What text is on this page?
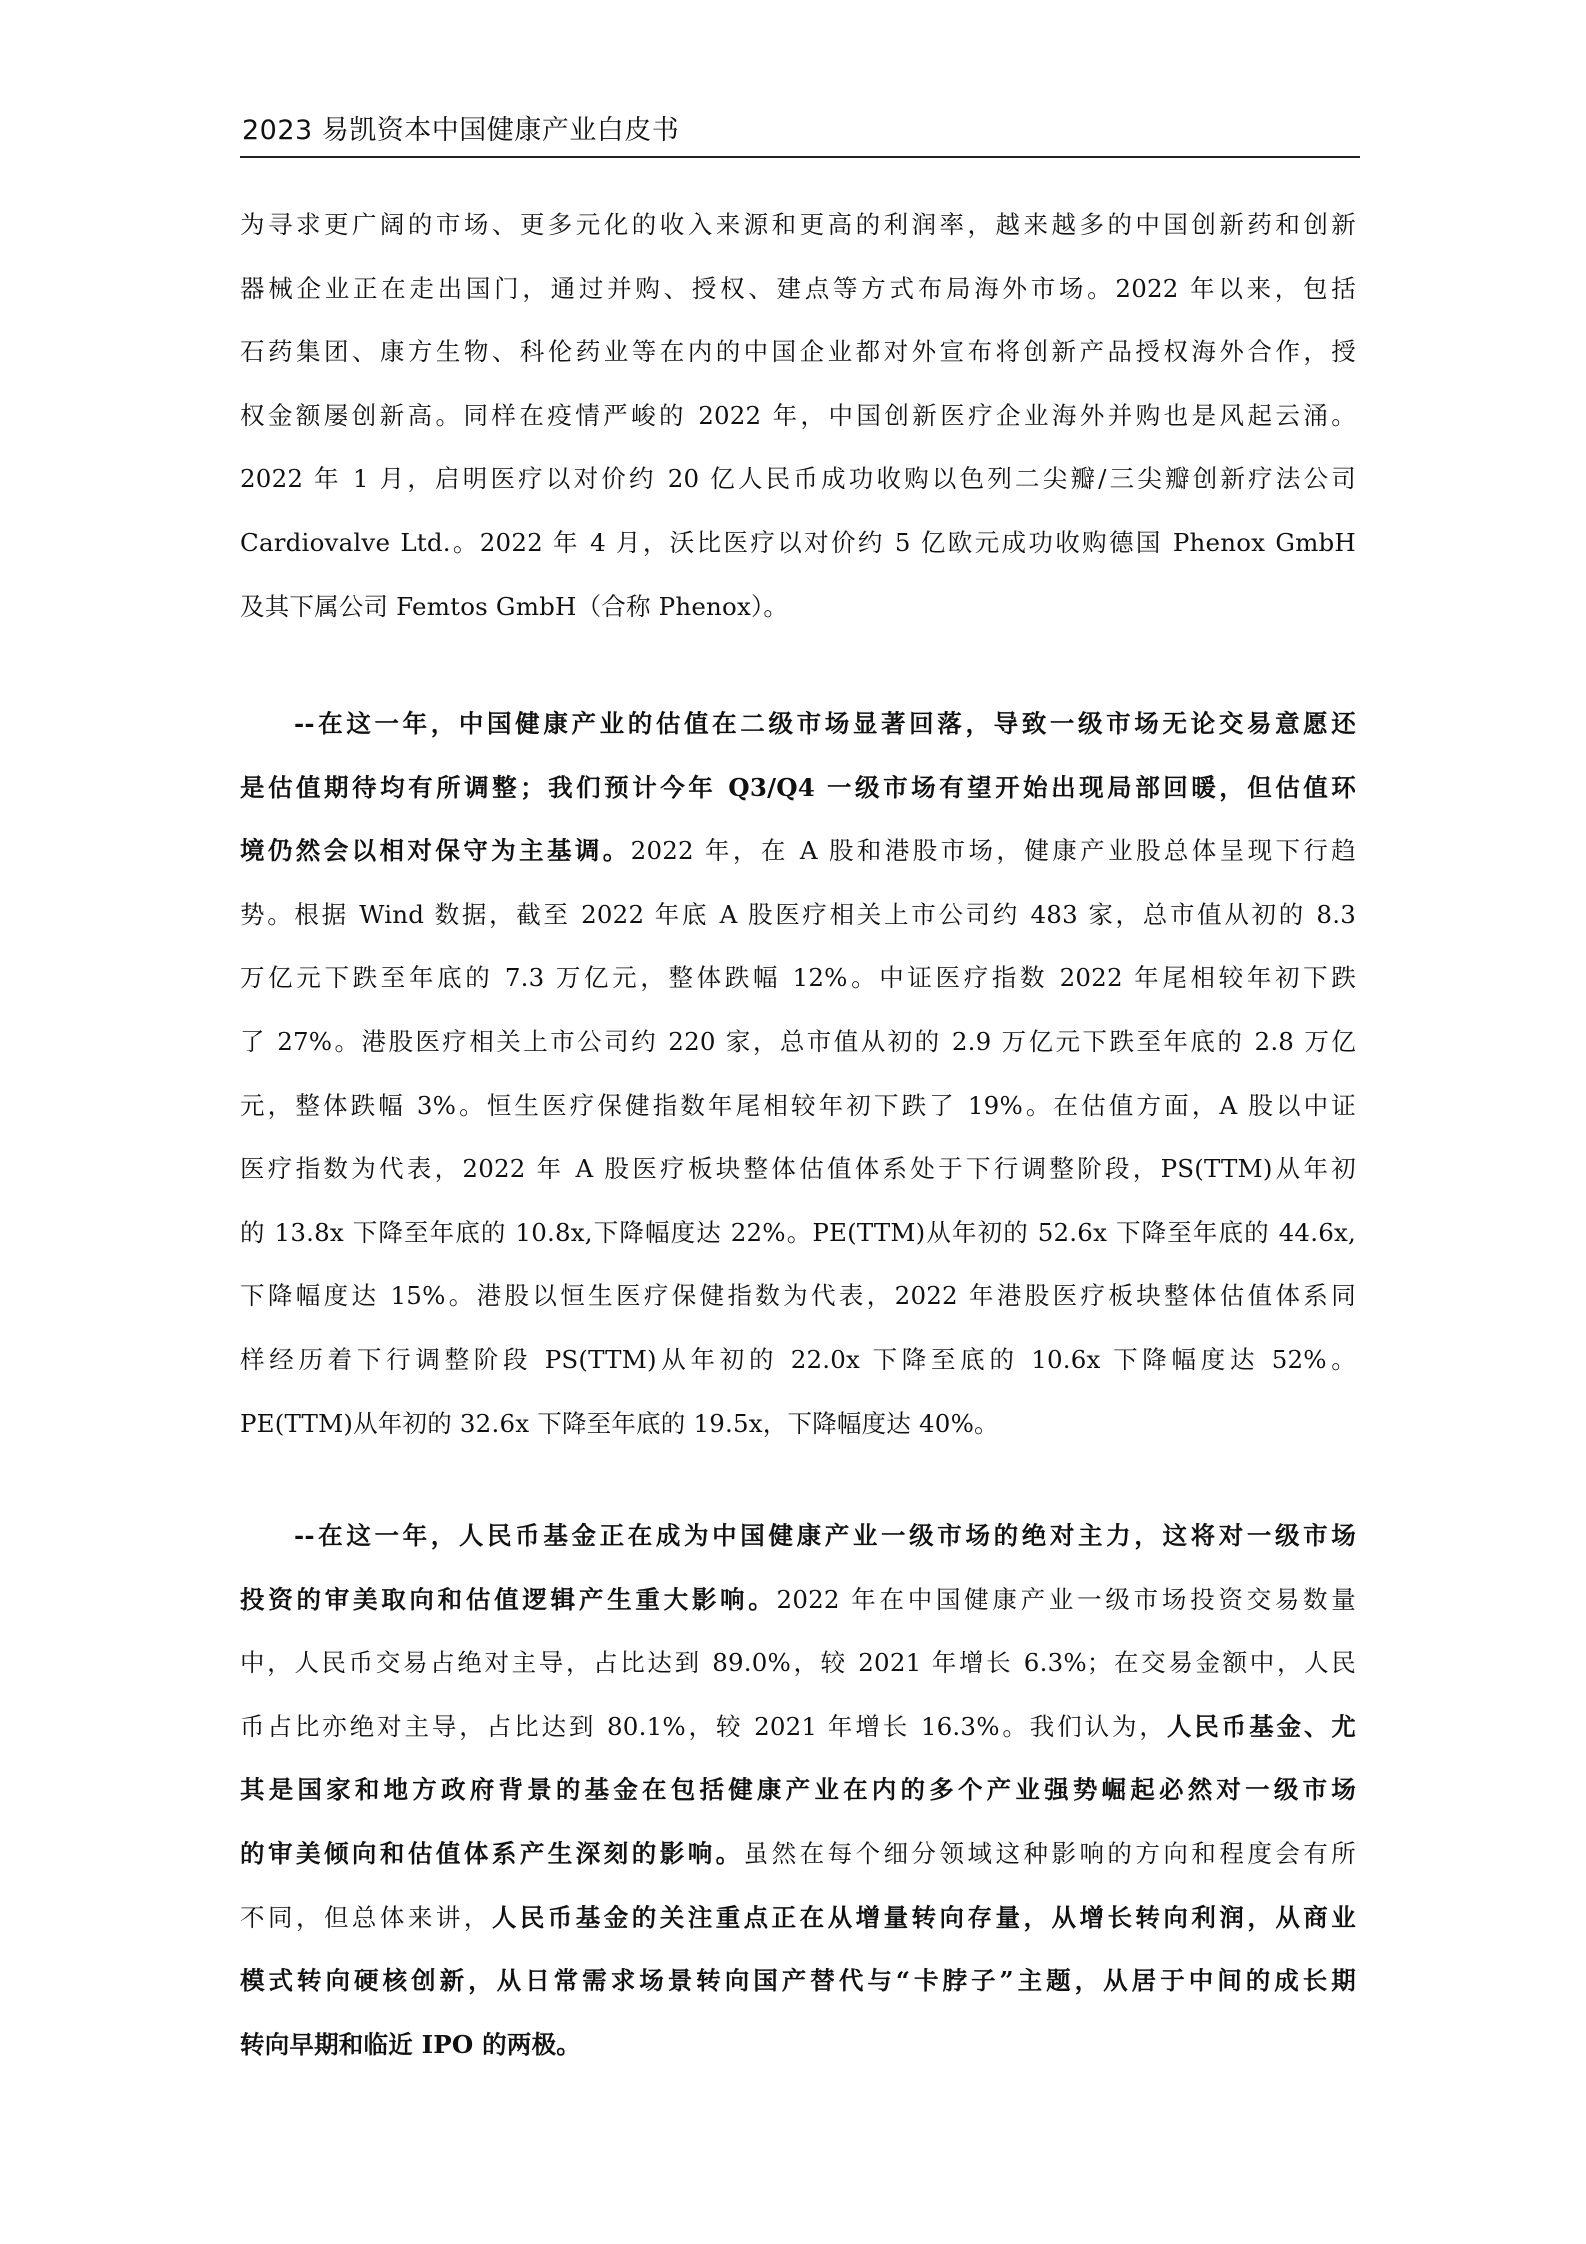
2023 易凯资本中国健康产业白皮书
为寻求更广阔的市场、更多元化的收入来源和更高的利润率，越来越多的中国创新药和创新
器械企业正在走出国门，通过并购、授权、建点等方式布局海外市场。2022 年以来，包括
石药集团、康方生物、科伦药业等在内的中国企业都对外宣布将创新产品授权海外合作，授
权金额屡创新高。同样在疫情严峻的 2022 年，中国创新医疗企业海外并购也是风起云涌。
2022 年 1 月，启明医疗以对价约 20 亿人民币成功收购以色列二尖瓣/三尖瓣创新疗法公司
Cardiovalve Ltd.。2022 年 4 月，沃比医疗以对价约 5 亿欧元成功收购德国 Phenox GmbH
及其下属公司 Femtos GmbH（合称 Phenox）。
--在这一年，中国健康产业的估值在二级市场显著回落，导致一级市场无论交易意愿还
是估值期待均有所调整；我们预计今年 Q3/Q4 一级市场有望开始出现局部回暖，但估值环
境仍然会以相对保守为主基调。2022 年，在 A 股和港股市场，健康产业股总体呈现下行趋
势。根据 Wind 数据，截至 2022 年底 A 股医疗相关上市公司约 483 家，总市值从初的 8.3
万亿元下跌至年底的 7.3 万亿元，整体跌幅 12%。中证医疗指数 2022 年尾相较年初下跌
了 27%。港股医疗相关上市公司约 220 家，总市值从初的 2.9 万亿元下跌至年底的 2.8 万亿
元，整体跌幅 3%。恒生医疗保健指数年尾相较年初下跌了 19%。在估值方面，A 股以中证
医疗指数为代表，2022 年 A 股医疗板块整体估值体系处于下行调整阶段，PS(TTM)从年初
的 13.8x 下降至年底的 10.8x,下降幅度达 22%。PE(TTM)从年初的 52.6x 下降至年底的 44.6x,
下降幅度达 15%。港股以恒生医疗保健指数为代表，2022 年港股医疗板块整体估值体系同
样经历着下行调整阶段 PS(TTM)从年初的 22.0x 下降至底的 10.6x 下降幅度达 52%。
PE(TTM)从年初的 32.6x 下降至年底的 19.5x，下降幅度达 40%。
--在这一年，人民币基金正在成为中国健康产业一级市场的绝对主力，这将对一级市场
投资的审美取向和估值逻辑产生重大影响。2022 年在中国健康产业一级市场投资交易数量
中，人民币交易占绝对主导，占比达到 89.0%，较 2021 年增长 6.3%；在交易金额中，人民
币占比亦绝对主导，占比达到 80.1%，较 2021 年增长 16.3%。我们认为，人民币基金、尤
其是国家和地方政府背景的基金在包括健康产业在内的多个产业强势崛起必然对一级市场
的审美倾向和估值体系产生深刻的影响。虽然在每个细分领域这种影响的方向和程度会有所
不同，但总体来讲，人民币基金的关注重点正在从增量转向存量，从增长转向利润，从商业
模式转向硬核创新，从日常需求场景转向国产替代与“卡脖子”主题，从居于中间的成长期
转向早期和临近 IPO 的两极。
